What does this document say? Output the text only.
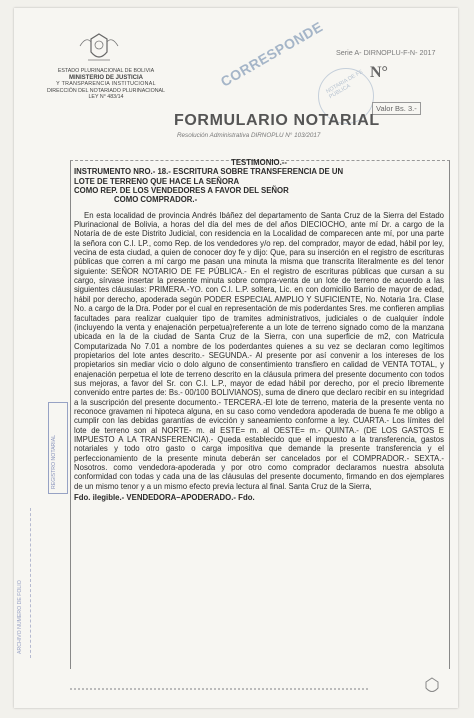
ESTADO PLURINACIONAL DE BOLIVIA
MINISTERIO DE JUSTICIA
Y TRANSPARENCIA INSTITUCIONAL
DIRECCIÓN DEL NOTARIADO PLURINACIONAL
LEY N° 483/14
CORRESPONDE NOTARIA DE FE PÚBLICA
Serie A- DIRNOPLU-F-N- 2017
N°
Valor Bs. 3.-
FORMULARIO NOTARIAL
Resolución Administrativa DIRNOPLU N° 103/2017

TESTIMONIO.--

INSTRUMENTO NRO.- 18.- ESCRITURA SOBRE TRANSFERENCIA DE UN

LOTE DE TERRENO QUE HACE LA SEÑORA

COMO REP. DE LOS VENDEDORES A FAVOR DEL SEÑOR

COMO COMPRADOR.-

En esta localidad de provincia Andrés Ibáñez del departamento de Santa Cruz de la Sierra del Estado Plurinacional de Bolivia, a horas del día del mes de del años DIECIOCHO, ante mí Dr. a cargo de la Notaría de de este Distrito Judicial, con residencia en la Localidad de comparecen ante mí, por una parte la señora con C.I. LP., como Rep. de los vendedores y/o rep. del comprador, mayor de edad, hábil por ley, vecina de esta ciudad, a quien de conocer doy fe y dijo: Que, para su inserción en el registro de escrituras públicas que corren a mí cargo me pasan una minuta la misma que transcrita literalmente es del tenor siguiente: SEÑOR NOTARIO DE FE PÚBLICA.- En el registro de escrituras públicas que cursan a su cargo, sírvase insertar la presente minuta sobre compra-venta de un lote de terreno de acuerdo a las siguientes cláusulas: PRIMERA.-YO. con C.I. L.P. soltera, Lic. en con domicilio Barrio de mayor de edad, hábil por derecho, apoderada según PODER ESPECIAL AMPLIO Y SUFICIENTE, No. Notaria 1ra. Clase No. a cargo de la Dra. Poder por el cual en representación de mis poderdantes Sres. me confieren amplias facultades para realizar cualquier tipo de tramites administrativos, judiciales o de cualquier índole (incluyendo la venta y enajenación perpetua)referente a un lote de terreno signado como de la manzana ubicada en la de la ciudad de Santa Cruz de la Sierra, con una superficie de m2, con Matricula Computarizada No 7.01 a nombre de los poderdantes quienes a su vez se declaran como legítimos propietarios del lote antes descrito.- SEGUNDA.- Al presente por así convenir a los intereses de los propietarios sin mediar vicio o dolo alguno de consentimiento transfiero en calidad de VENTA TOTAL, y enajenación perpetua el lote de terreno descrito en la cláusula primera del presente documento con todos sus mejoras, a favor del Sr. con C.I. L.P., mayor de edad hábil por derecho, por el precio libremente convenido entre partes de: Bs.- 00/100 BOLIVIANOS), suma de dinero que declaro recibir en su integridad a la suscripción del presente documento.- TERCERA.-El lote de terreno, materia de la presente venta no reconoce gravamen ni hipoteca alguna, en su caso como vendedora apoderada de buena fe me obligo a cumplir con las debidas garantías de evicción y saneamiento conforme a ley. CUARTA.- Los límites del lote de terreno son al NORTE- m. al ESTE= m. al OESTE= m.- QUINTA.- (DE LOS GASTOS E IMPUESTO A LA TRANSFERENCIA).- Queda establecido que el impuesto a la transferencia, gastos notariales y todo otro gasto o carga impositiva que demande la presente transferencia y el perfeccionamiento de la presente minuta deberán ser cancelados por el COMPRADOR.- SEXTA.- Nosotros. como vendedora-apoderada y por otro como comprador declaramos nuestra absoluta conformidad con todas y cada una de las cláusulas del presente documento, firmando en dos ejemplares de un mismo tenor y a un mismo efecto previa lectura al final. Santa Cruz de la Sierra,

Fdo. ilegible.- VENDEDORA–APODERADO.- Fdo.

REGISTRO NOTARIAL
ARCHIVO NUMERO DE FOLIO
